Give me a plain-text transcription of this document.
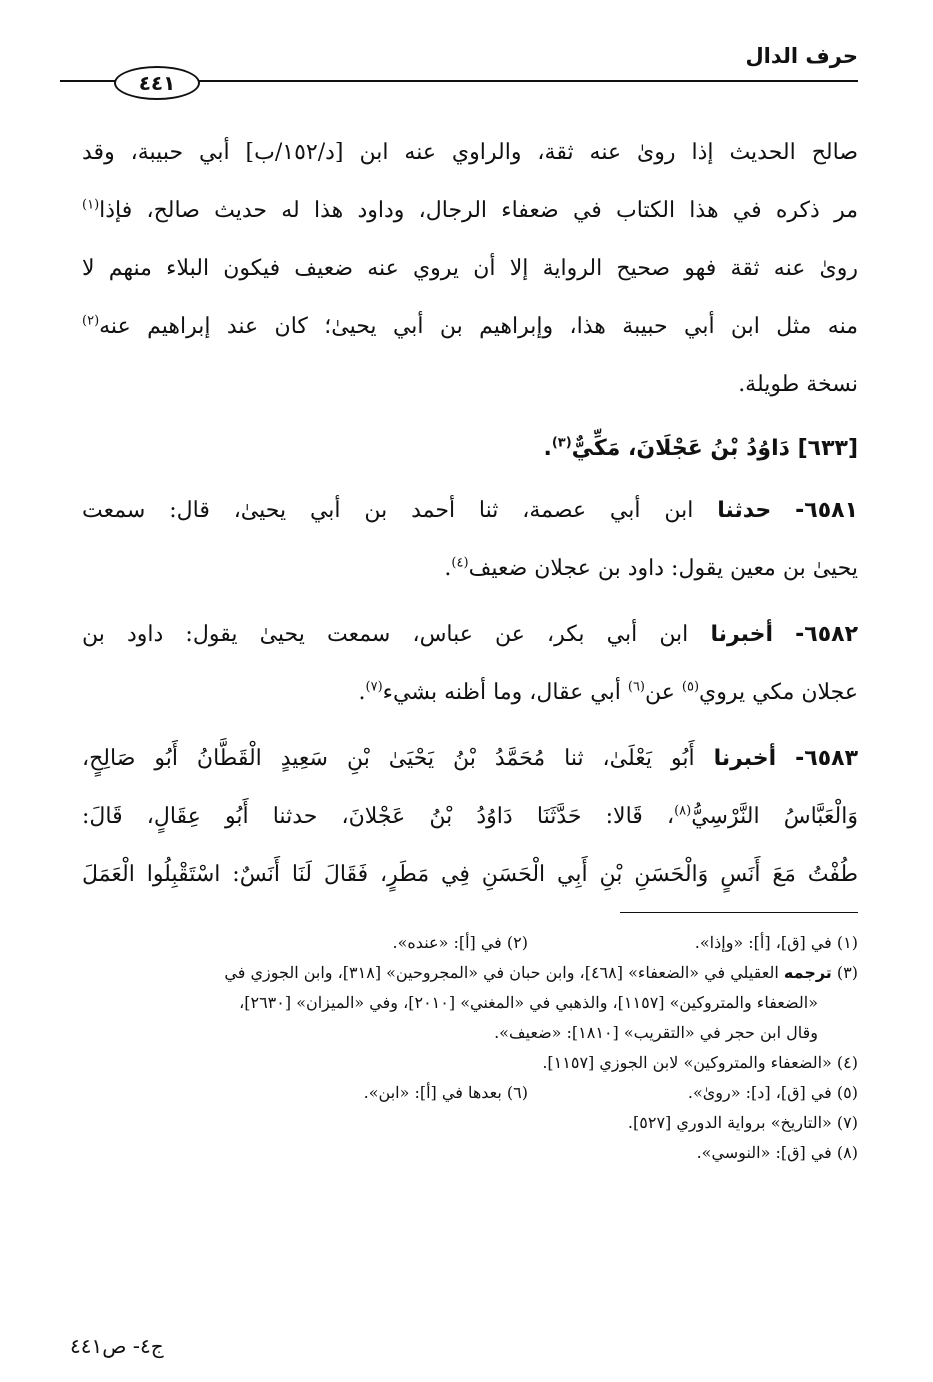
حرف الدال
٤٤١
صالح الحديث إذا رویٰ عنه ثقة، والراوي عنه ابن [د/١٥٢/ب] أبي حبيبة، وقد
مر ذكره في هذا الكتاب في ضعفاء الرجال، وداود هذا له حديث صالح، فإذا$^{(١)}$
رویٰ عنه ثقة فهو صحيح الرواية إلا أن يروي عنه ضعيف فيكون البلاء منهم لا
منه مثل ابن أبي حبيبة هذا، وإبراهيم بن أبي يحيىٰ؛ كان عند إبراهيم عنه$^{(٢)}$
نسخة طويلة.
[٦٣٣] دَاوُدُ بْنُ عَجْلَانَ، مَكِّيٌّ$^{(٣)}$.
٦٥٨١- حدثنا ابن أبي عصمة، ثنا أحمد بن أبي يحيىٰ، قال: سمعت
يحيىٰ بن معين يقول: داود بن عجلان ضعيف$^{(٤)}$.
٦٥٨٢- أخبرنا ابن أبي بكر، عن عباس، سمعت يحيىٰ يقول: داود بن
عجلان مكي يروي$^{(٥)}$ عن$^{(٦)}$ أبي عقال، وما أظنه بشيء$^{(٧)}$.
٦٥٨٣- أخبرنا أَبُو يَعْلَىٰ، ثنا مُحَمَّدُ بْنُ يَحْيَىٰ بْنِ سَعِيدٍ الْقَطَّانُ أَبُو صَالِحٍ،
وَالْعَبَّاسُ النَّرْسِيُّ$^{(٨)}$، قَالا: حَدَّثَنَا دَاوُدُ بْنُ عَجْلانَ، حدثنا أَبُو عِقَالٍ، قَالَ:
طُفْتُ مَعَ أَنَسٍ وَالْحَسَنِ بْنِ أَبِي الْحَسَنِ فِي مَطَرٍ، فَقَالَ لَنَا أَنَسٌ: اسْتَقْبِلُوا الْعَمَلَ
(١) في [ق]، [أ]: «وإذا».
(٢) في [أ]: «عنده».
(٣) ترجمه العقيلي في «الضعفاء» [٤٦٨]، وابن حبان في «المجروحين» [٣١٨]، وابن الجوزي في
«الضعفاء والمتروكين» [١١٥٧]، والذهبي في «المغني» [٢٠١٠]، وفي «الميزان» [٢٦٣٠]،
وقال ابن حجر في «التقريب» [١٨١٠]: «ضعيف».
(٤) «الضعفاء والمتروكين» لابن الجوزي [١١٥٧].
(٥) في [ق]، [د]: «رویٰ».
(٦) بعدها في [أ]: «ابن».
(٧) «التاريخ» برواية الدوري [٥٢٧].
(٨) في [ق]: «النوسي».
ج٤- ص٤٤١
